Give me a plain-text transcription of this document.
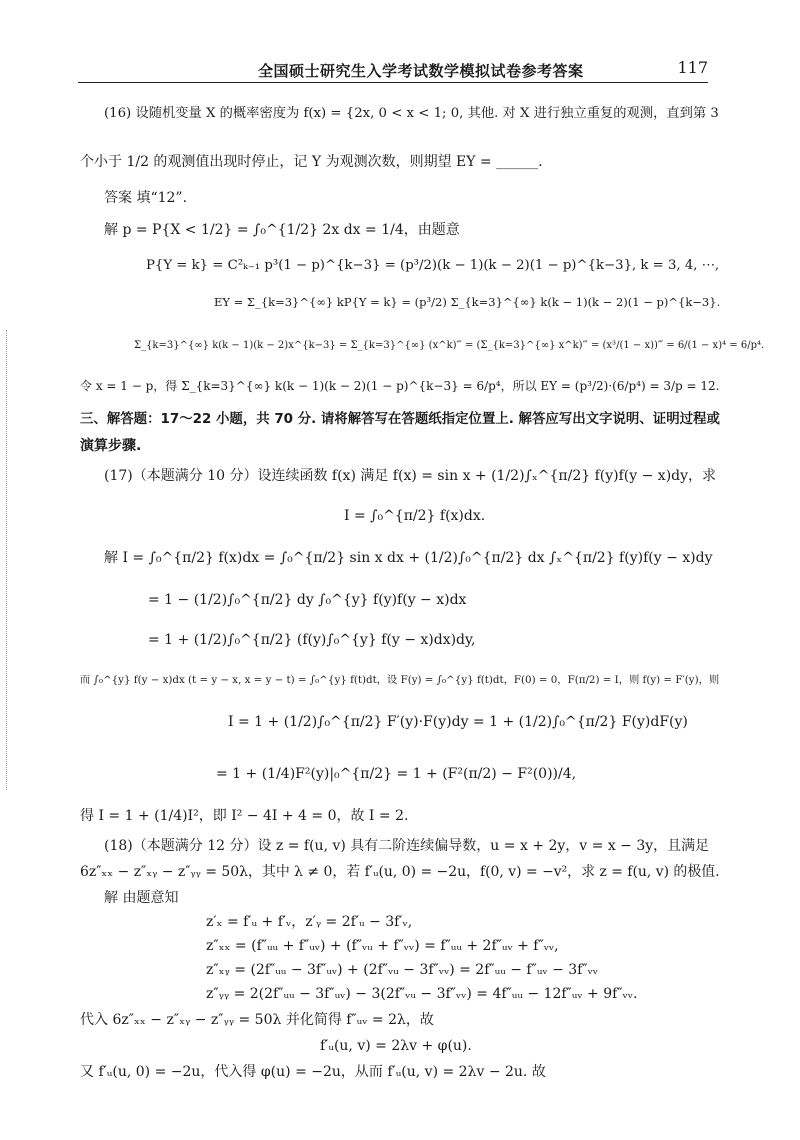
全国硕士研究生入学考试数学模拟试卷参考答案	117
(16) 设随机变量 X 的概率密度为 f(x) = {2x, 0 < x < 1; 0, 其他. 对 X 进行独立重复的观测，直到第 3
个小于 1/2 的观测值出现时停止，记 Y 为观测次数，则期望 EY = ______.
答案 填“12”.
解 p = P{X < 1/2} = ∫₀^{1/2} 2x dx = 1/4，由题意
P{Y = k} = C²ₖ₋₁ p³(1 − p)^{k−3} = (p³/2)(k − 1)(k − 2)(1 − p)^{k−3}, k = 3, 4, ⋯,
EY = Σ_{k=3}^{∞} kP{Y = k} = (p³/2) Σ_{k=3}^{∞} k(k − 1)(k − 2)(1 − p)^{k−3}.
Σ_{k=3}^{∞} k(k − 1)(k − 2)x^{k−3} = Σ_{k=3}^{∞} (x^k)‴ = (Σ_{k=3}^{∞} x^k)‴ = (x³/(1 − x))‴ = 6/(1 − x)⁴ = 6/p⁴.
令 x = 1 − p，得 Σ_{k=3}^{∞} k(k − 1)(k − 2)(1 − p)^{k−3} = 6/p⁴，所以 EY = (p³/2)·(6/p⁴) = 3/p = 12.
三、解答题：17～22 小题，共 70 分. 请将解答写在答题纸指定位置上. 解答应写出文字说明、证明过程或
演算步骤.
(17)（本题满分 10 分）设连续函数 f(x) 满足 f(x) = sin x + (1/2)∫ₓ^{π/2} f(y)f(y − x)dy，求
I = ∫₀^{π/2} f(x)dx.
解 I = ∫₀^{π/2} f(x)dx = ∫₀^{π/2} sin x dx + (1/2)∫₀^{π/2} dx ∫ₓ^{π/2} f(y)f(y − x)dy
= 1 − (1/2)∫₀^{π/2} dy ∫₀^{y} f(y)f(y − x)dx
= 1 + (1/2)∫₀^{π/2} (f(y)∫₀^{y} f(y − x)dx)dy,
而 ∫₀^{y} f(y − x)dx (t = y − x, x = y − t) = ∫₀^{y} f(t)dt，设 F(y) = ∫₀^{y} f(t)dt，F(0) = 0，F(π/2) = I，则 f(y) = F′(y)，则
I = 1 + (1/2)∫₀^{π/2} F′(y)·F(y)dy = 1 + (1/2)∫₀^{π/2} F(y)dF(y)
= 1 + (1/4)F²(y)|₀^{π/2} = 1 + (F²(π/2) − F²(0))/4,
得 I = 1 + (1/4)I²，即 I² − 4I + 4 = 0，故 I = 2.
(18)（本题满分 12 分）设 z = f(u, v) 具有二阶连续偏导数，u = x + 2y，v = x − 3y，且满足
6z″ₓₓ − z″ₓᵧ − z″ᵧᵧ = 50λ，其中 λ ≠ 0，若 f′ᵤ(u, 0) = −2u，f(0, v) = −v²，求 z = f(u, v) 的极值.
解 由题意知
z′ₓ = f′ᵤ + f′ᵥ，z′ᵧ = 2f′ᵤ − 3f′ᵥ,
z″ₓₓ = (f″ᵤᵤ + f″ᵤᵥ) + (f″ᵥᵤ + f″ᵥᵥ) = f″ᵤᵤ + 2f″ᵤᵥ + f″ᵥᵥ,
z″ₓᵧ = (2f″ᵤᵤ − 3f″ᵤᵥ) + (2f″ᵥᵤ − 3f″ᵥᵥ) = 2f″ᵤᵤ − f″ᵤᵥ − 3f″ᵥᵥ
z″ᵧᵧ = 2(2f″ᵤᵤ − 3f″ᵤᵥ) − 3(2f″ᵥᵤ − 3f″ᵥᵥ) = 4f″ᵤᵤ − 12f″ᵤᵥ + 9f″ᵥᵥ.
代入 6z″ₓₓ − z″ₓᵧ − z″ᵧᵧ = 50λ 并化简得 f″ᵤᵥ = 2λ，故
f′ᵤ(u, v) = 2λv + φ(u).
又 f′ᵤ(u, 0) = −2u，代入得 φ(u) = −2u，从而 f′ᵤ(u, v) = 2λv − 2u. 故
